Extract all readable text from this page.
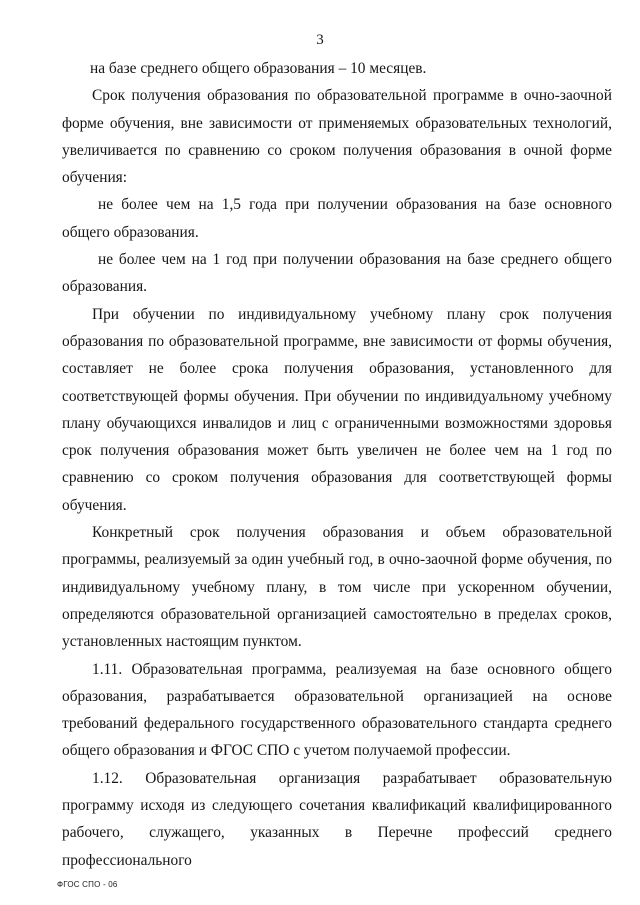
3

на базе среднего общего образования – 10 месяцев.

Срок получения образования по образовательной программе в очно-заочной форме обучения, вне зависимости от применяемых образовательных технологий, увеличивается по сравнению со сроком получения образования в очной форме обучения:

не более чем на 1,5 года при получении образования на базе основного общего образования.

не более чем на 1 год при получении образования на базе среднего общего образования.

При обучении по индивидуальному учебному плану срок получения образования по образовательной программе, вне зависимости от формы обучения, составляет не более срока получения образования, установленного для соответствующей формы обучения. При обучении по индивидуальному учебному плану обучающихся инвалидов и лиц с ограниченными возможностями здоровья срок получения образования может быть увеличен не более чем на 1 год по сравнению со сроком получения образования для соответствующей формы обучения.

Конкретный срок получения образования и объем образовательной программы, реализуемый за один учебный год, в очно-заочной форме обучения, по индивидуальному учебному плану, в том числе при ускоренном обучении, определяются образовательной организацией самостоятельно в пределах сроков, установленных настоящим пунктом.

1.11. Образовательная программа, реализуемая на базе основного общего образования, разрабатывается образовательной организацией на основе требований федерального государственного образовательного стандарта среднего общего образования и ФГОС СПО с учетом получаемой профессии.

1.12. Образовательная организация разрабатывает образовательную программу исходя из следующего сочетания квалификаций квалифицированного рабочего, служащего, указанных в Перечне профессий среднего профессионального

ФГОС СПО - 06
